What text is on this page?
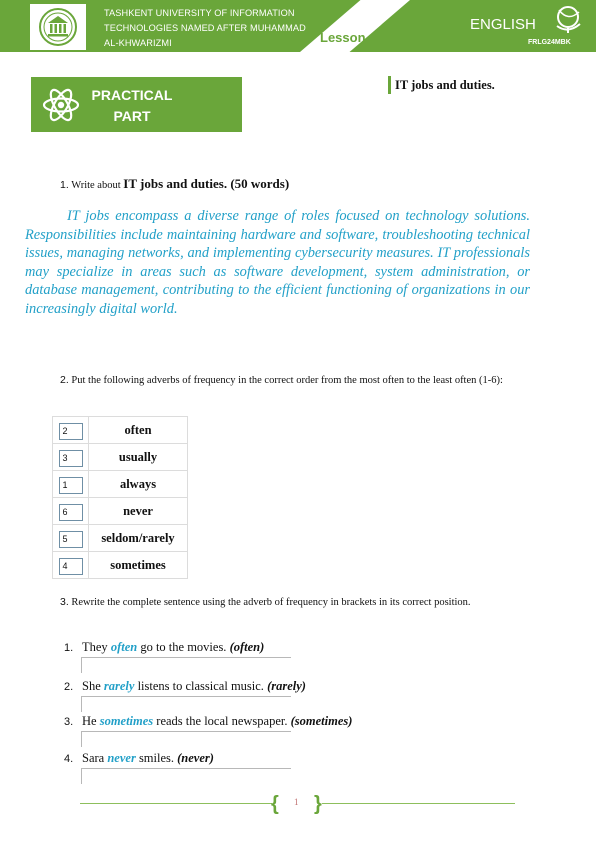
TASHKENT UNIVERSITY OF INFORMATION
TECHNOLOGIES NAMED AFTER MUHAMMAD
AL-KHWARIZMI	Lesson
ENGLISH
FRLG24MBK
PRACTICAL
PART
IT jobs and duties.
1. Write about IT jobs and duties. (50 words)
IT jobs encompass a diverse range of roles focused on technology solutions. Responsibilities include maintaining hardware and software, troubleshooting technical issues, managing networks, and implementing cybersecurity measures. IT professionals may specialize in areas such as software development, system administration, or database management, contributing to the efficient functioning of organizations in our increasingly digital world.
2. Put the following adverbs of frequency in the correct order from the most often to the least often (1-6):
2	often
3	usually
1	always
6	never
5	seldom/rarely
4	sometimes
3. Rewrite the complete sentence using the adverb of frequency in brackets in its correct position.
1. They often go to the movies. (often)
2. She rarely listens to classical music. (rarely)
3. He sometimes reads the local newspaper. (sometimes)
4. Sara never smiles. (never)
{ }
1
